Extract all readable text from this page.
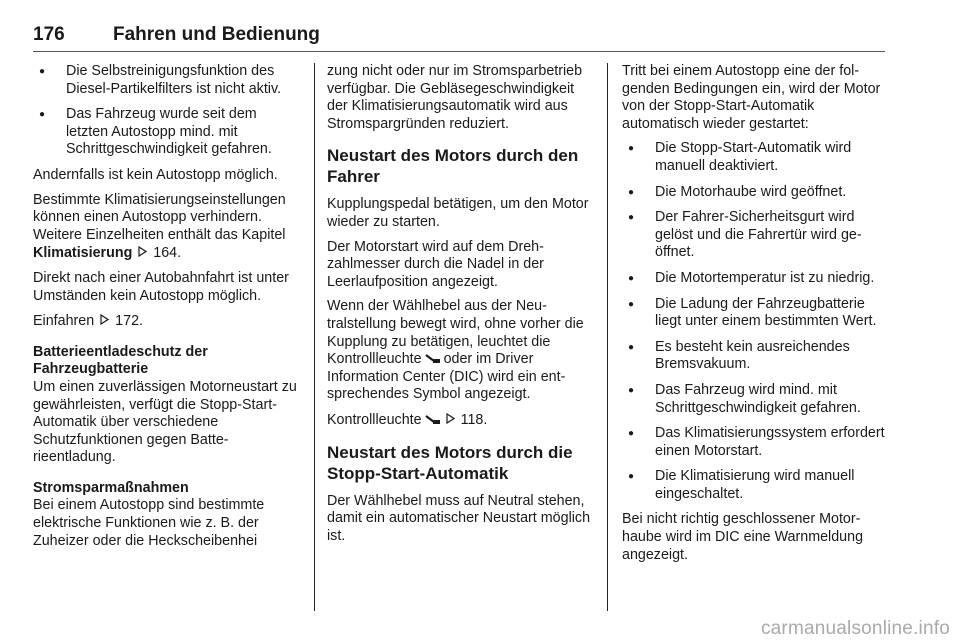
176	Fahren und Bedienung
● Die Selbstreinigungsfunktion des Diesel-Partikelfilters ist nicht aktiv.
● Das Fahrzeug wurde seit dem letzten Autostopp mind. mit Schrittgeschwindigkeit gefahren.

Andernfalls ist kein Autostopp möglich.

Bestimmte Klimatisierungseinstellungen können einen Autostopp verhindern. Weitere Einzelheiten enthält das Kapitel Klimatisierung 164.

Direkt nach einer Autobahnfahrt ist unter Umständen kein Autostopp möglich.

Einfahren 172.

Batterieentladeschutz der Fahrzeugbatterie

Um einen zuverlässigen Motorneustart zu gewährleisten, verfügt die Stopp-Start-Automatik über verschiedene Schutzfunktionen gegen Batterieentladung.

Stromsparmaßnahmen

Bei einem Autostopp sind bestimmte elektrische Funktionen wie z. B. der Zuheizer oder die Heckscheibenhei

zung nicht oder nur im Stromsparbetrieb verfügbar. Die Gebläsegeschwindigkeit der Klimatisierungsautomatik wird aus Stromspargründen reduziert.

Neustart des Motors durch den Fahrer

Kupplungspedal betätigen, um den Motor wieder zu starten.

Der Motorstart wird auf dem Drehzahlmesser durch die Nadel in der Leerlaufposition angezeigt.

Wenn der Wählhebel aus der Neutralstellung bewegt wird, ohne vorher die Kupplung zu betätigen, leuchtet die Kontrollleuchte oder im Driver Information Center (DIC) wird ein entsprechendes Symbol angezeigt.

Kontrollleuchte	118.

Neustart des Motors durch die Stopp-Start-Automatik

Der Wählhebel muss auf Neutral stehen, damit ein automatischer Neustart möglich ist.

Tritt bei einem Autostopp eine der folgenden Bedingungen ein, wird der Motor von der Stopp-Start-Automatik automatisch wieder gestartet:

● Die Stopp-Start-Automatik wird manuell deaktiviert.
● Die Motorhaube wird geöffnet.
● Der Fahrer-Sicherheitsgurt wird gelöst und die Fahrertür wird geöffnet.
● Die Motortemperatur ist zu niedrig.
● Die Ladung der Fahrzeugbatterie liegt unter einem bestimmten Wert.
● Es besteht kein ausreichendes Bremsvakuum.
● Das Fahrzeug wird mind. mit Schrittgeschwindigkeit gefahren.
● Das Klimatisierungssystem erfordert einen Motorstart.
● Die Klimatisierung wird manuell eingeschaltet.

Bei nicht richtig geschlossener Motorhaube wird im DIC eine Warnmeldung angezeigt.

carmanualsonline.info
